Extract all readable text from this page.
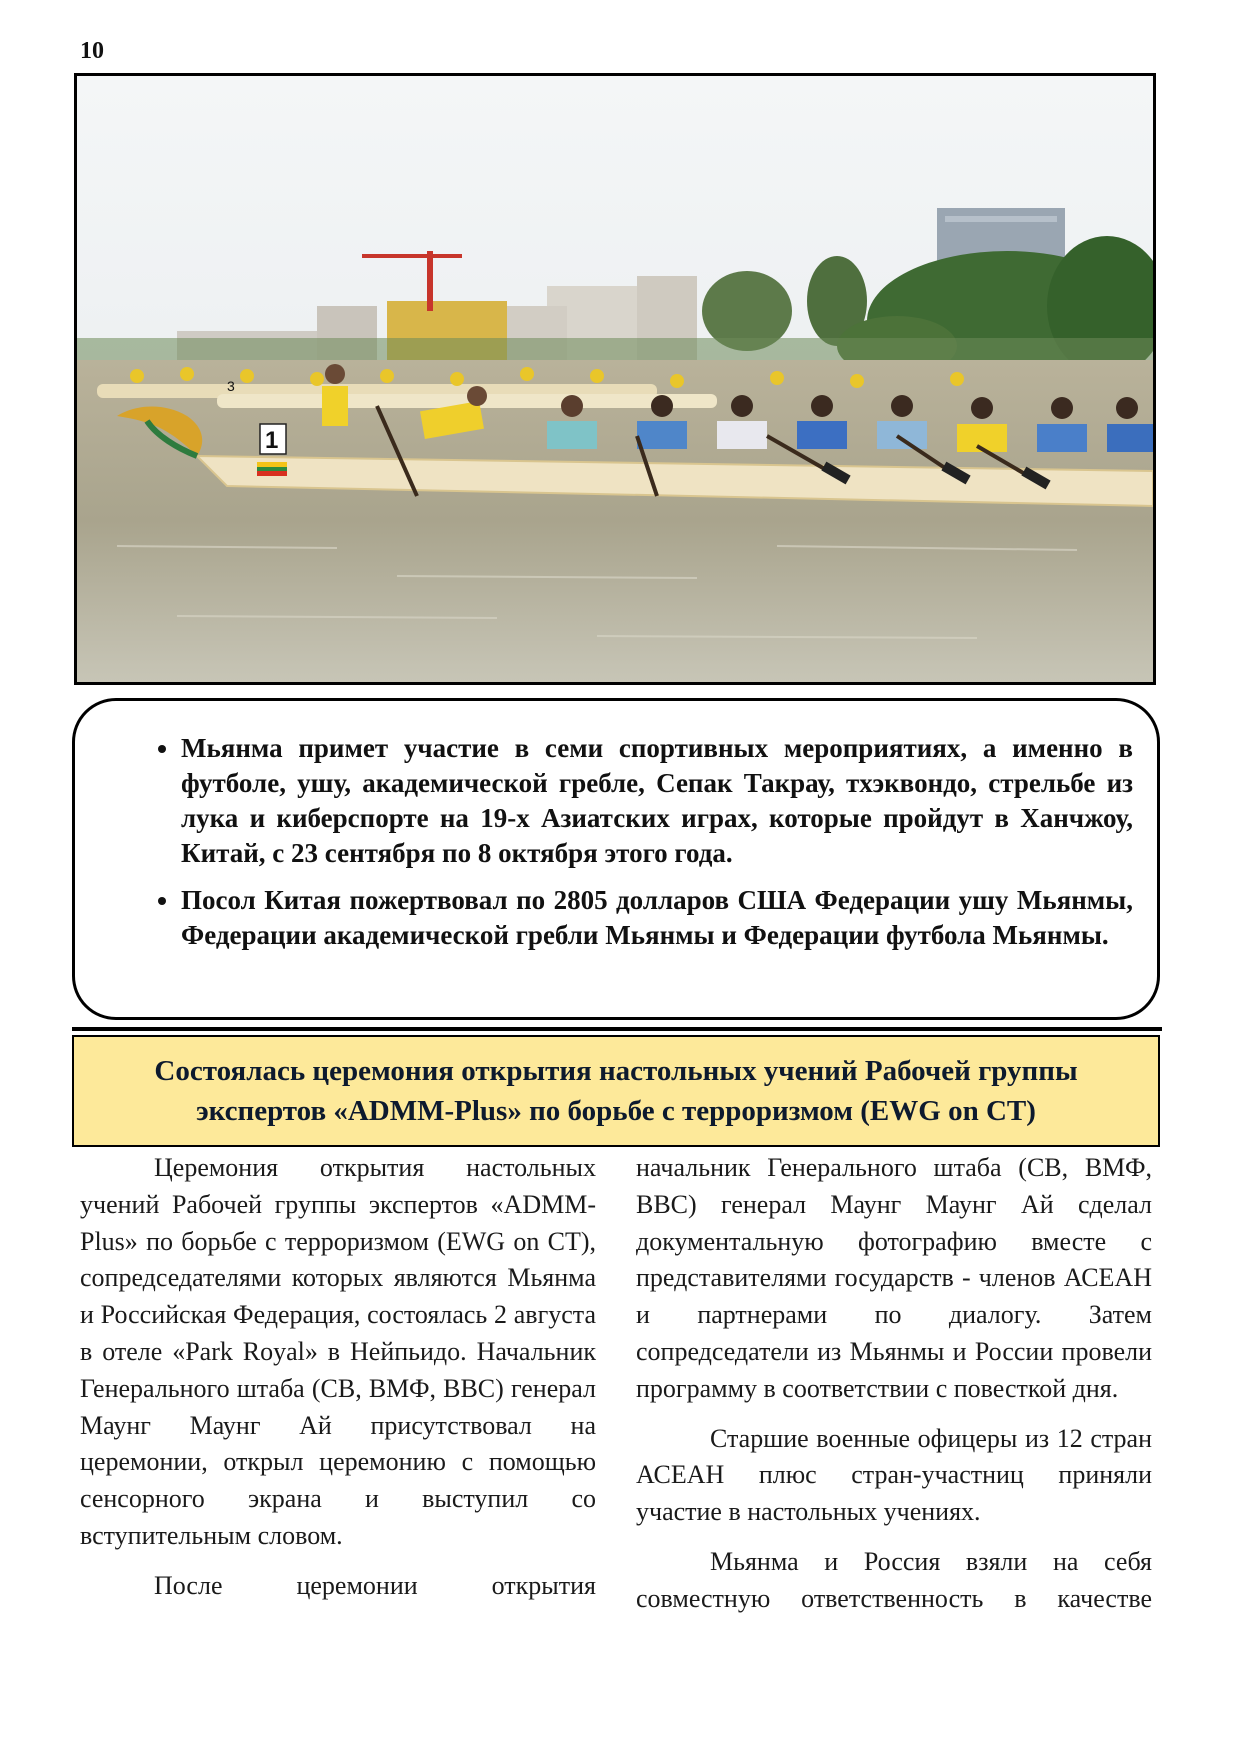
10
3
1
• Мьянма примет участие в семи спортивных мероприятиях, а именно в футболе, ушу, академической гребле, Сепак Такрау, тхэквондо, стрельбе из лука и киберспорте на 19-х Азиатских играх, которые пройдут в Ханчжоу, Китай, с 23 сентября по 8 октября этого года.
• Посол Китая пожертвовал по 2805 долларов США Федерации ушу Мьянмы, Федерации академической гребли Мьянмы и Федерации футбола Мьянмы.
Состоялась церемония открытия настольных учений Рабочей группы
экспертов «ADMM-Plus» по борьбе с терроризмом (EWG on CT)

Церемония открытия настольных учений Рабочей группы экспертов «ADMM-Plus» по борьбе с терроризмом (EWG on CT), сопредседателями которых являются Мьянма и Российская Федерация, состоялась 2 августа в отеле «Park Royal» в Нейпьидо. Начальник Генерального штаба (СВ, ВМФ, ВВС) генерал Маунг Маунг Ай присутствовал на церемонии, открыл церемонию с помощью сенсорного экрана и выступил со вступительным словом.

После церемонии открытия

начальник Генерального штаба (СВ, ВМФ, ВВС) генерал Маунг Маунг Ай сделал документальную фотографию вместе с представителями государств - членов АСЕАН и партнерами по диалогу. Затем сопредседатели из Мьянмы и России провели программу в соответствии с повесткой дня.

Старшие военные офицеры из 12 стран АСЕАН плюс стран-участниц приняли участие в настольных учениях.

Мьянма и Россия взяли на себя совместную ответственность в качестве
